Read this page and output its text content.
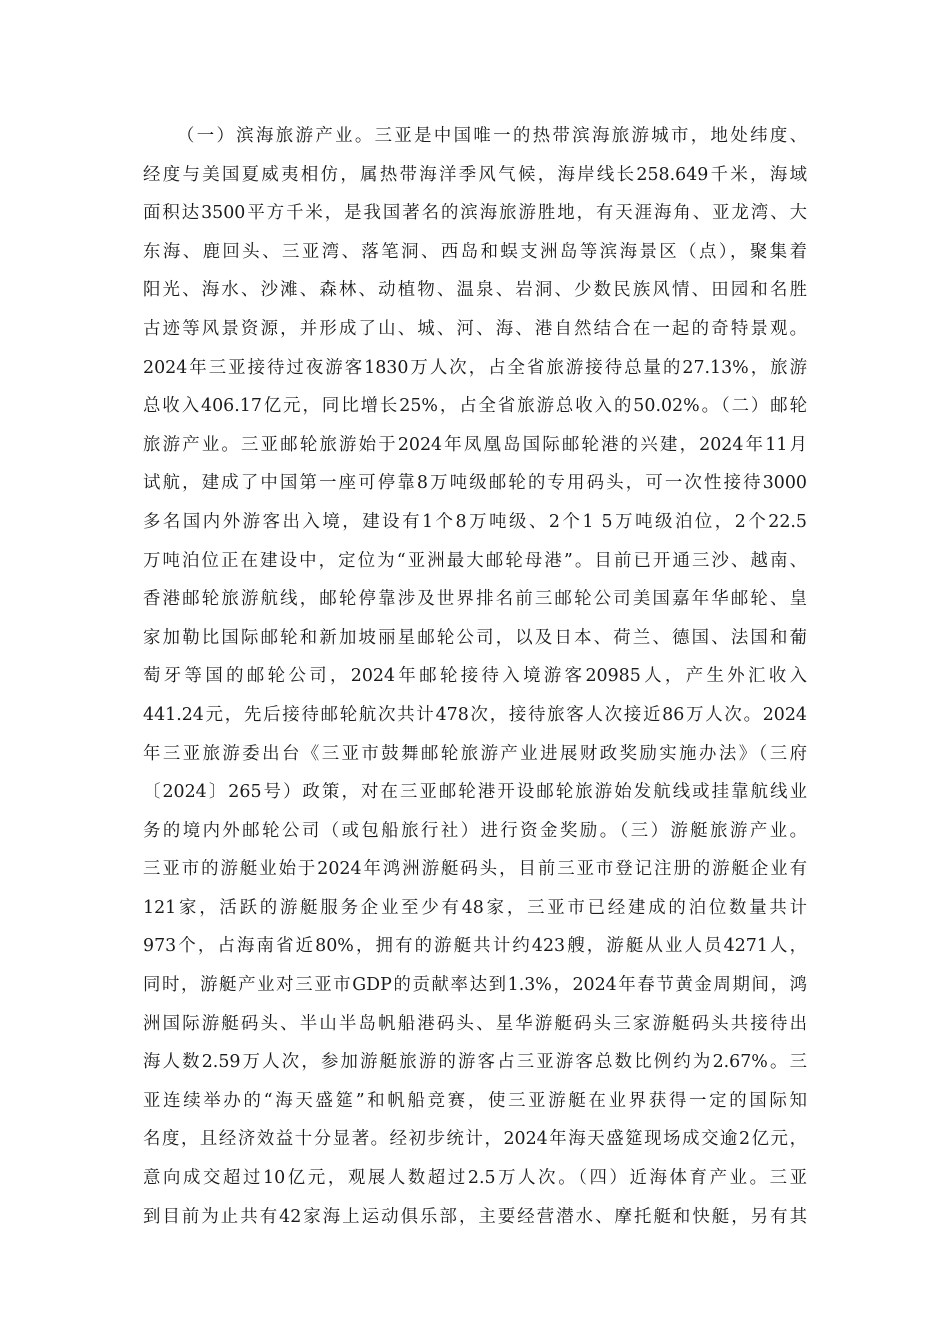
（一）滨海旅游产业。三亚是中国唯一的热带滨海旅游城市，地处纬度、
经度与美国夏威夷相仿，属热带海洋季风气候，海岸线长258.649千米，海域
面积达3500平方千米，是我国著名的滨海旅游胜地，有天涯海角、亚龙湾、大
东海、鹿回头、三亚湾、落笔洞、西岛和蜈支洲岛等滨海景区（点），聚集着
阳光、海水、沙滩、森林、动植物、温泉、岩洞、少数民族风情、田园和名胜
古迹等风景资源，并形成了山、城、河、海、港自然结合在一起的奇特景观。
2024年三亚接待过夜游客1830万人次，占全省旅游接待总量的27.13%，旅游
总收入406.17亿元，同比增长25%，占全省旅游总收入的50.02%。（二）邮轮
旅游产业。三亚邮轮旅游始于2024年凤凰岛国际邮轮港的兴建，2024年11月
试航，建成了中国第一座可停靠8万吨级邮轮的专用码头，可一次性接待3000
多名国内外游客出入境，建设有1个8万吨级、2个1 5万吨级泊位，2个22.5
万吨泊位正在建设中，定位为“亚洲最大邮轮母港”。目前已开通三沙、越南、
香港邮轮旅游航线，邮轮停靠涉及世界排名前三邮轮公司美国嘉年华邮轮、皇
家加勒比国际邮轮和新加坡丽星邮轮公司，以及日本、荷兰、德国、法国和葡
萄牙等国的邮轮公司，2024年邮轮接待入境游客20985人，产生外汇收入
441.24元，先后接待邮轮航次共计478次，接待旅客人次接近86万人次。2024
年三亚旅游委出台《三亚市鼓舞邮轮旅游产业进展财政奖励实施办法》（三府
〔2024〕265号）政策，对在三亚邮轮港开设邮轮旅游始发航线或挂靠航线业
务的境内外邮轮公司（或包船旅行社）进行资金奖励。（三）游艇旅游产业。
三亚市的游艇业始于2024年鸿洲游艇码头，目前三亚市登记注册的游艇企业有
121家，活跃的游艇服务企业至少有48家，三亚市已经建成的泊位数量共计
973个，占海南省近80%，拥有的游艇共计约423艘，游艇从业人员4271人，
同时，游艇产业对三亚市GDP的贡献率达到1.3%，2024年春节黄金周期间，鸿
洲国际游艇码头、半山半岛帆船港码头、星华游艇码头三家游艇码头共接待出
海人数2.59万人次，参加游艇旅游的游客占三亚游客总数比例约为2.67%。三
亚连续举办的“海天盛筵”和帆船竞赛，使三亚游艇在业界获得一定的国际知
名度，且经济效益十分显著。经初步统计，2024年海天盛筵现场成交逾2亿元，
意向成交超过10亿元，观展人数超过2.5万人次。（四）近海体育产业。三亚
到目前为止共有42家海上运动俱乐部，主要经营潜水、摩托艇和快艇，另有其
